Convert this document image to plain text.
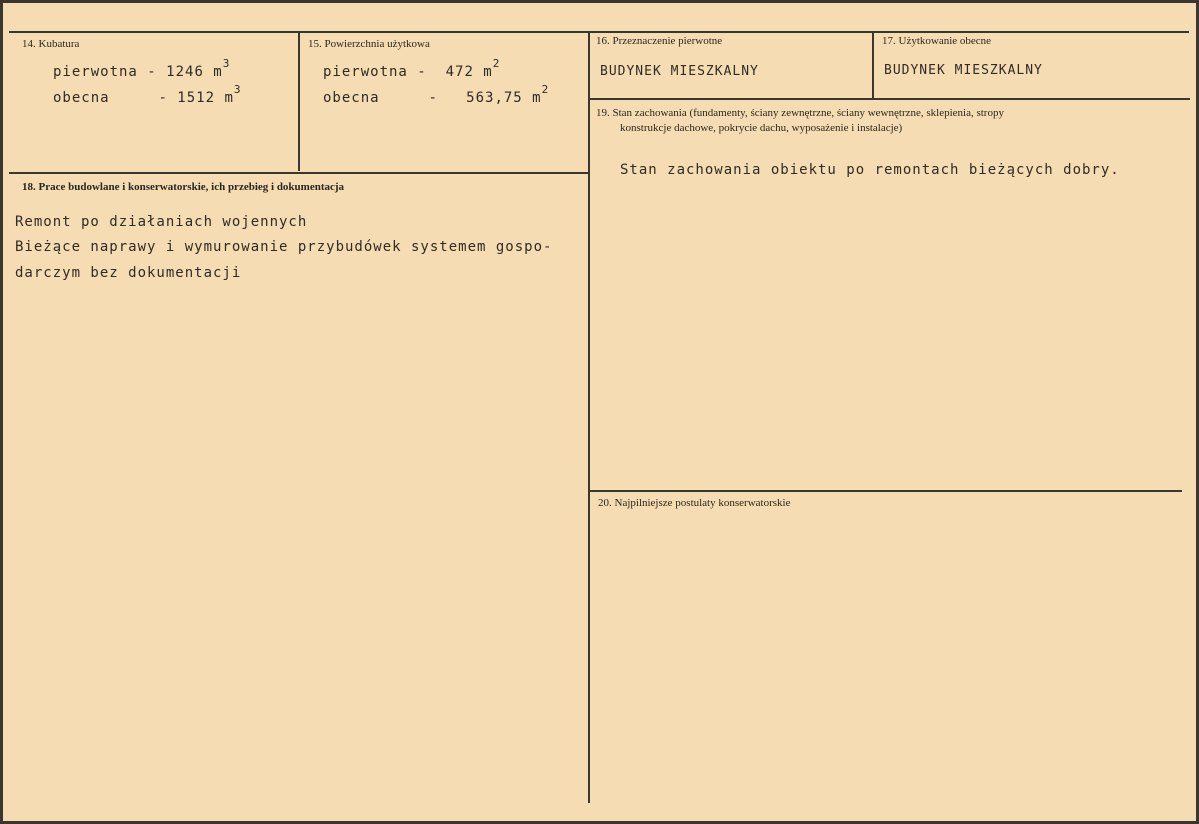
14. Kubatura
pierwotna - 1246 $m^3$
obecna	- 1512 $m^3$
15. Powierzchnia użytkowa
pierwotna -  472 $m^2$
obecna	-   563,75 $m^2$
16. Przeznaczenie pierwotne
BUDYNEK MIESZKALNY
17. Użytkowanie obecne
BUDYNEK MIESZKALNY
18. Prace budowlane i konserwatorskie, ich przebieg i dokumentacja
Remont po działaniach wojennych
Bieżące naprawy i wymurowanie przybudówek systemem gospo-
darczym bez dokumentacji
19. Stan zachowania (fundamenty, ściany zewnętrzne, ściany wewnętrzne, sklepienia, stropy
konstrukcje dachowe, pokrycie dachu, wyposażenie i instalacje)
Stan zachowania obiektu po remontach bieżących dobry.
20. Najpilniejsze postulaty konserwatorskie
